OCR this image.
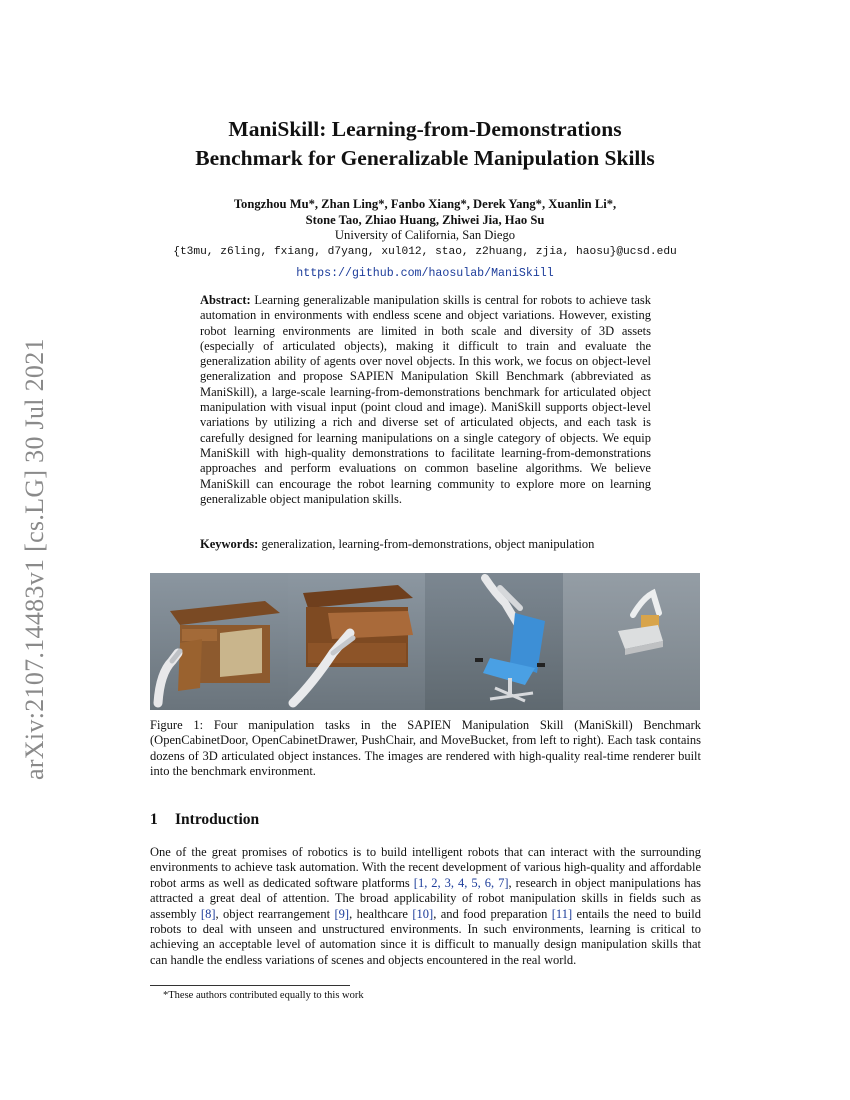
arXiv:2107.14483v1 [cs.LG] 30 Jul 2021
ManiSkill: Learning-from-Demonstrations
Benchmark for Generalizable Manipulation Skills
Tongzhou Mu*, Zhan Ling*, Fanbo Xiang*, Derek Yang*, Xuanlin Li*,
Stone Tao, Zhiao Huang, Zhiwei Jia, Hao Su
University of California, San Diego
{t3mu, z6ling, fxiang, d7yang, xul012, stao, z2huang, zjia, haosu}@ucsd.edu
https://github.com/haosulab/ManiSkill
Abstract: Learning generalizable manipulation skills is central for robots to achieve task automation in environments with endless scene and object variations. However, existing robot learning environments are limited in both scale and diversity of 3D assets (especially of articulated objects), making it difficult to train and evaluate the generalization ability of agents over novel objects. In this work, we focus on object-level generalization and propose SAPIEN Manipulation Skill Benchmark (abbreviated as ManiSkill), a large-scale learning-from-demonstrations benchmark for articulated object manipulation with visual input (point cloud and image). ManiSkill supports object-level variations by utilizing a rich and diverse set of articulated objects, and each task is carefully designed for learning manipulations on a single category of objects. We equip ManiSkill with high-quality demonstrations to facilitate learning-from-demonstrations approaches and perform evaluations on common baseline algorithms. We believe ManiSkill can encourage the robot learning community to explore more on learning generalizable object manipulation skills.
Keywords: generalization, learning-from-demonstrations, object manipulation
Figure 1: Four manipulation tasks in the SAPIEN Manipulation Skill (ManiSkill) Benchmark (OpenCabinetDoor, OpenCabinetDrawer, PushChair, and MoveBucket, from left to right). Each task contains dozens of 3D articulated object instances. The images are rendered with high-quality real-time renderer built into the benchmark environment.
1 Introduction
One of the great promises of robotics is to build intelligent robots that can interact with the surrounding environments to achieve task automation. With the recent development of various high-quality and affordable robot arms as well as dedicated software platforms [1, 2, 3, 4, 5, 6, 7], research in object manipulations has attracted a great deal of attention. The broad applicability of robot manipulation skills in fields such as assembly [8], object rearrangement [9], healthcare [10], and food preparation [11] entails the need to build robots to deal with unseen and unstructured environments. In such environments, learning is critical to achieving an acceptable level of automation since it is difficult to manually design manipulation skills that can handle the endless variations of scenes and objects encountered in the real world.
*These authors contributed equally to this work
